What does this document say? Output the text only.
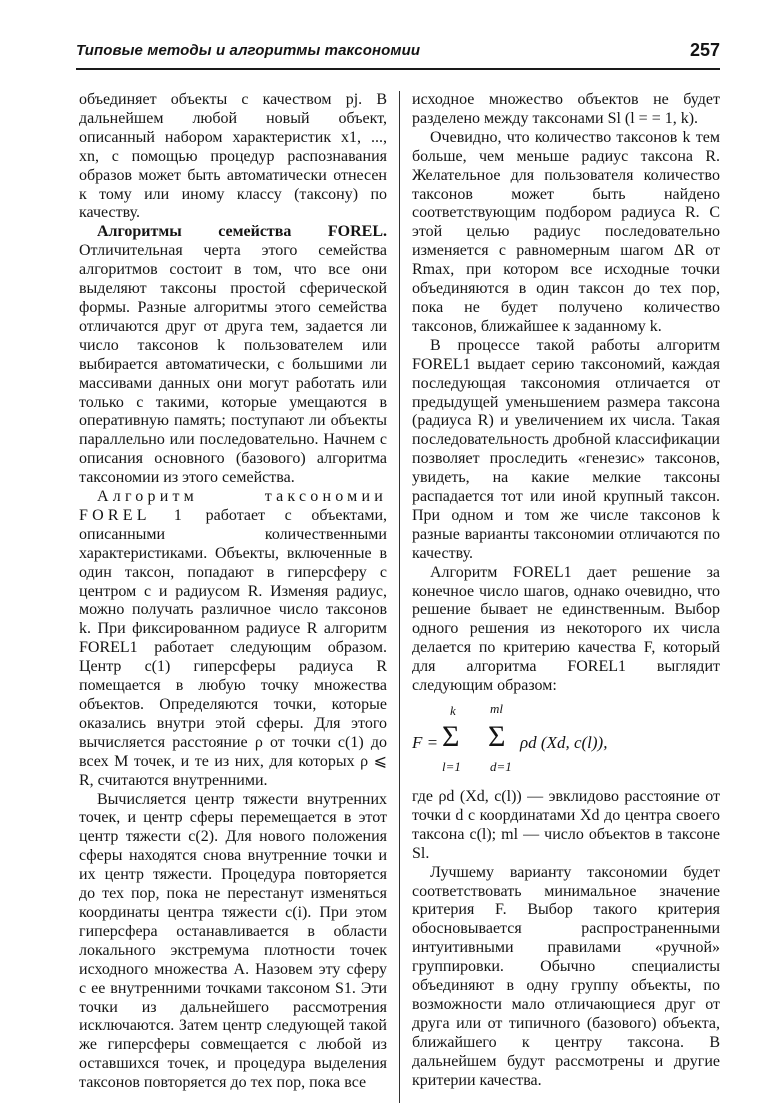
Типовые методы и алгоритмы таксономии	257

объединяет объекты с качеством pj. В дальнейшем любой новый объект, описанный набором характеристик x1, ..., xn, с помощью процедур распознавания образов может быть автоматически отнесен к тому или иному классу (таксону) по качеству.

Алгоритмы семейства FOREL. Отличительная черта этого семейства алгоритмов состоит в том, что все они выделяют таксоны простой сферической формы. Разные алгоритмы этого семейства отличаются друг от друга тем, задается ли число таксонов k пользователем или выбирается автоматически, с большими ли массивами данных они могут работать или только с такими, которые умещаются в оперативную память; поступают ли объекты параллельно или последовательно. Начнем с описания основного (базового) алгоритма таксономии из этого семейства.

Алгоритм таксономии FOREL 1 работает с объектами, описанными количественными характеристиками. Объекты, включенные в один таксон, попадают в гиперсферу с центром c и радиусом R. Изменяя радиус, можно получать различное число таксонов k. При фиксированном радиусе R алгоритм FOREL1 работает следующим образом. Центр c(1) гиперсферы радиуса R помещается в любую точку множества объектов. Определяются точки, которые оказались внутри этой сферы. Для этого вычисляется расстояние ρ от точки c(1) до всех M точек, и те из них, для которых ρ ⩽ R, считаются внутренними.

Вычисляется центр тяжести внутренних точек, и центр сферы перемещается в этот центр тяжести c(2). Для нового положения сферы находятся снова внутренние точки и их центр тяжести. Процедура повторяется до тех пор, пока не перестанут изменяться координаты центра тяжести c(i). При этом гиперсфера останавливается в области локального экстремума плотности точек исходного множества A. Назовем эту сферу с ее внутренними точками таксоном S1. Эти точки из дальнейшего рассмотрения исключаются. Затем центр следующей такой же гиперсферы совмещается с любой из оставшихся точек, и процедура выделения таксонов повторяется до тех пор, пока все

исходное множество объектов не будет разделено между таксонами Sl (l = = 1, k).

Очевидно, что количество таксонов k тем больше, чем меньше радиус таксона R. Желательное для пользователя количество таксонов может быть найдено соответствующим подбором радиуса R. С этой целью радиус последовательно изменяется с равномерным шагом ΔR от Rmax, при котором все исходные точки объединяются в один таксон до тех пор, пока не будет получено количество таксонов, ближайшее к заданному k.

В процессе такой работы алгоритм FOREL1 выдает серию таксономий, каждая последующая таксономия отличается от предыдущей уменьшением размера таксона (радиуса R) и увеличением их числа. Такая последовательность дробной классификации позволяет проследить «генезис» таксонов, увидеть, на какие мелкие таксоны распадается тот или иной крупный таксон. При одном и том же числе таксонов k разные варианты таксономии отличаются по качеству.

Алгоритм FOREL1 дает решение за конечное число шагов, однако очевидно, что решение бывает не единственным. Выбор одного решения из некоторого их числа делается по критерию качества F, который для алгоритма FOREL1 выглядит следующим образом:

F =
k
Σ
l=1
ml
Σ
d=1
ρd (Xd, c(l)),

где ρd (Xd, c(l)) — эвклидово расстояние от точки d с координатами Xd до центра своего таксона c(l); ml — число объектов в таксоне Sl.

Лучшему варианту таксономии будет соответствовать минимальное значение критерия F. Выбор такого критерия обосновывается распространенными интуитивными правилами «ручной» группировки. Обычно специалисты объединяют в одну группу объекты, по возможности мало отличающиеся друг от друга или от типичного (базового) объекта, ближайшего к центру таксона. В дальнейшем будут рассмотрены и другие критерии качества.
